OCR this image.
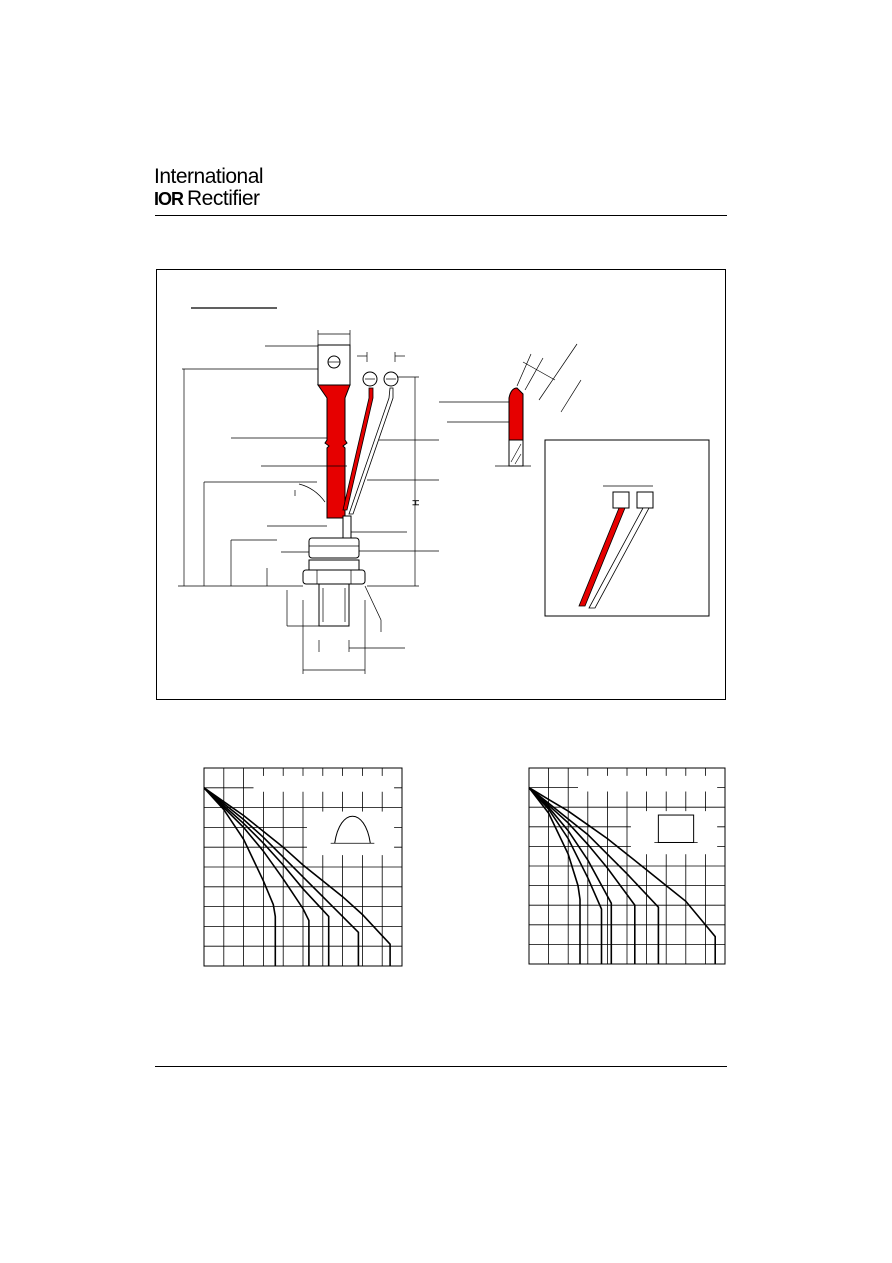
International
IOR Rectifier
H
